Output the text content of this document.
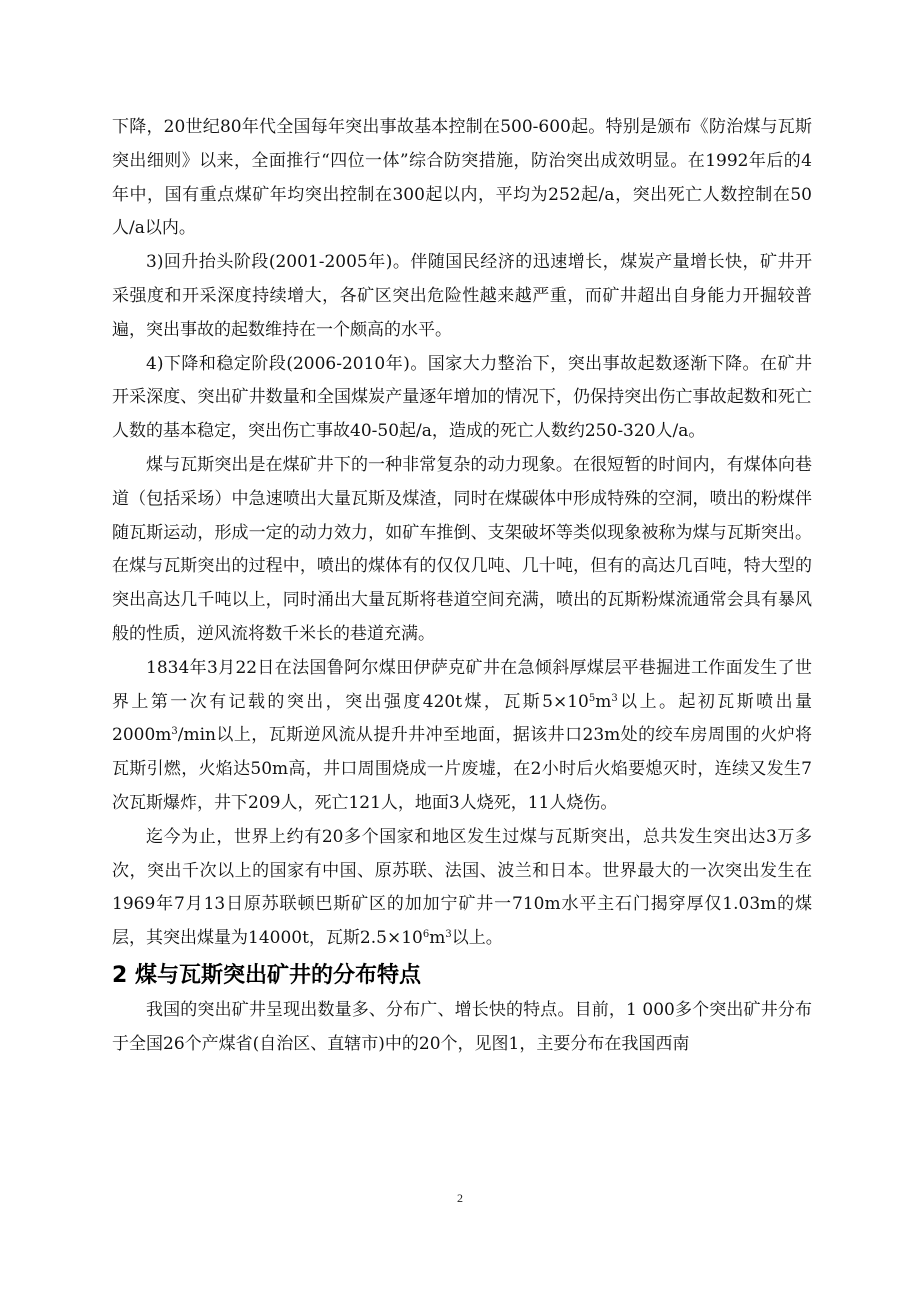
下降，20世纪80年代全国每年突出事故基本控制在500-600起。特别是颁布《防治煤与瓦斯突出细则》以来，全面推行“四位一体”综合防突措施，防治突出成效明显。在1992年后的4年中，国有重点煤矿年均突出控制在300起以内，平均为252起/a，突出死亡人数控制在50人/a以内。

3)回升抬头阶段(2001-2005年)。伴随国民经济的迅速增长，煤炭产量增长快，矿井开采强度和开采深度持续增大，各矿区突出危险性越来越严重，而矿井超出自身能力开掘较普遍，突出事故的起数维持在一个颇高的水平。

4)下降和稳定阶段(2006-2010年)。国家大力整治下，突出事故起数逐渐下降。在矿井开采深度、突出矿井数量和全国煤炭产量逐年增加的情况下，仍保持突出伤亡事故起数和死亡人数的基本稳定，突出伤亡事故40-50起/a，造成的死亡人数约250-320人/a。

煤与瓦斯突出是在煤矿井下的一种非常复杂的动力现象。在很短暂的时间内，有煤体向巷道（包括采场）中急速喷出大量瓦斯及煤渣，同时在煤碳体中形成特殊的空洞，喷出的粉煤伴随瓦斯运动，形成一定的动力效力，如矿车推倒、支架破坏等类似现象被称为煤与瓦斯突出。在煤与瓦斯突出的过程中，喷出的煤体有的仅仅几吨、几十吨，但有的高达几百吨，特大型的突出高达几千吨以上，同时涌出大量瓦斯将巷道空间充满，喷出的瓦斯粉煤流通常会具有暴风般的性质，逆风流将数千米长的巷道充满。

1834年3月22日在法国鲁阿尔煤田伊萨克矿井在急倾斜厚煤层平巷掘进工作面发生了世界上第一次有记载的突出，突出强度420t煤，瓦斯$5\times 10^5m^3$以上。起初瓦斯喷出量$2000m^3/\min$以上，瓦斯逆风流从提升井冲至地面，据该井口23m处的绞车房周围的火炉将瓦斯引燃，火焰达50m高，井口周围烧成一片废墟，在2小时后火焰要熄灭时，连续又发生7次瓦斯爆炸，井下209人，死亡121人，地面3人烧死，11人烧伤。

迄今为止，世界上约有20多个国家和地区发生过煤与瓦斯突出，总共发生突出达3万多次，突出千次以上的国家有中国、原苏联、法国、波兰和日本。世界最大的一次突出发生在1969年7月13日原苏联顿巴斯矿区的加加宁矿井一710m水平主石门揭穿厚仅1.03m的煤层，其突出煤量为14000t，瓦斯$2.5\times 10^6m^3$以上。

2 煤与瓦斯突出矿井的分布特点

我国的突出矿井呈现出数量多、分布广、增长快的特点。目前，1 000多个突出矿井分布于全国26个产煤省(自治区、直辖市)中的20个，见图1，主要分布在我国西南

2
